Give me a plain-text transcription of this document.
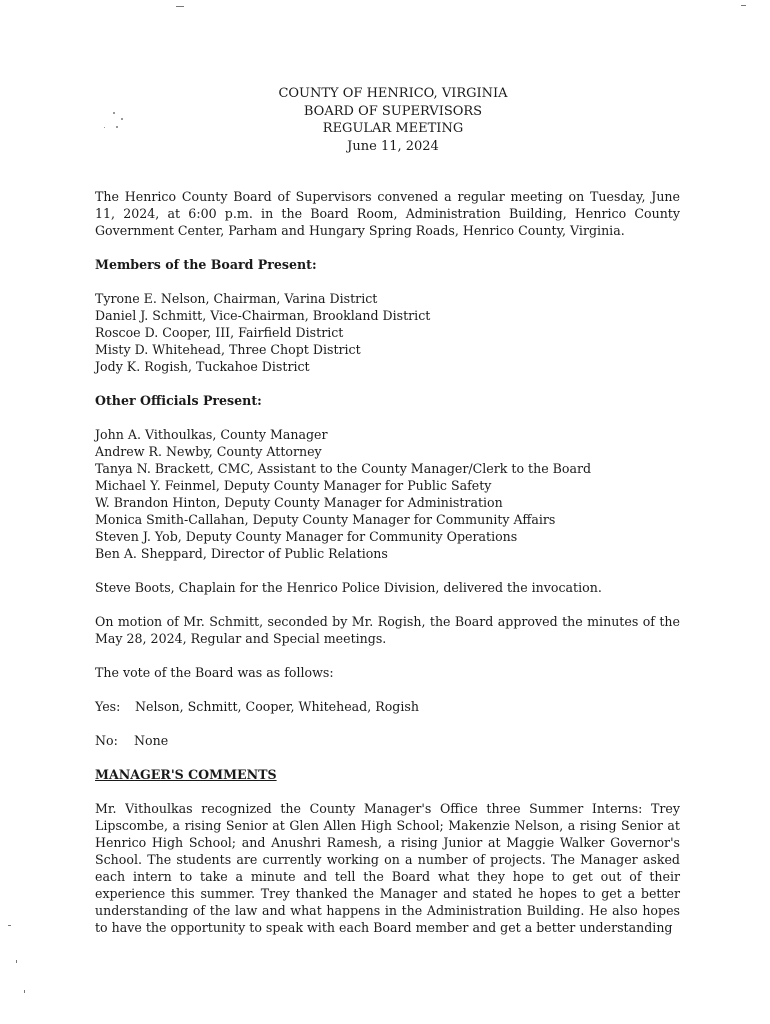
COUNTY OF HENRICO, VIRGINIA
BOARD OF SUPERVISORS
REGULAR MEETING
June 11, 2024

The Henrico County Board of Supervisors convened a regular meeting on Tuesday, June 11, 2024, at 6:00 p.m. in the Board Room, Administration Building, Henrico County Government Center, Parham and Hungary Spring Roads, Henrico County, Virginia.

Members of the Board Present:

Tyrone E. Nelson, Chairman, Varina District
Daniel J. Schmitt, Vice-Chairman, Brookland District
Roscoe D. Cooper, III, Fairfield District
Misty D. Whitehead, Three Chopt District
Jody K. Rogish, Tuckahoe District

Other Officials Present:

John A. Vithoulkas, County Manager
Andrew R. Newby, County Attorney
Tanya N. Brackett, CMC, Assistant to the County Manager/Clerk to the Board
Michael Y. Feinmel, Deputy County Manager for Public Safety
W. Brandon Hinton, Deputy County Manager for Administration
Monica Smith-Callahan, Deputy County Manager for Community Affairs
Steven J. Yob, Deputy County Manager for Community Operations
Ben A. Sheppard, Director of Public Relations

Steve Boots, Chaplain for the Henrico Police Division, delivered the invocation.

On motion of Mr. Schmitt, seconded by Mr. Rogish, the Board approved the minutes of the May 28, 2024, Regular and Special meetings.

The vote of the Board was as follows:

Yes: Nelson, Schmitt, Cooper, Whitehead, Rogish

No: None

MANAGER'S COMMENTS

Mr. Vithoulkas recognized the County Manager's Office three Summer Interns: Trey Lipscombe, a rising Senior at Glen Allen High School; Makenzie Nelson, a rising Senior at Henrico High School; and Anushri Ramesh, a rising Junior at Maggie Walker Governor's School. The students are currently working on a number of projects. The Manager asked each intern to take a minute and tell the Board what they hope to get out of their experience this summer. Trey thanked the Manager and stated he hopes to get a better understanding of the law and what happens in the Administration Building. He also hopes to have the opportunity to speak with each Board member and get a better understanding
